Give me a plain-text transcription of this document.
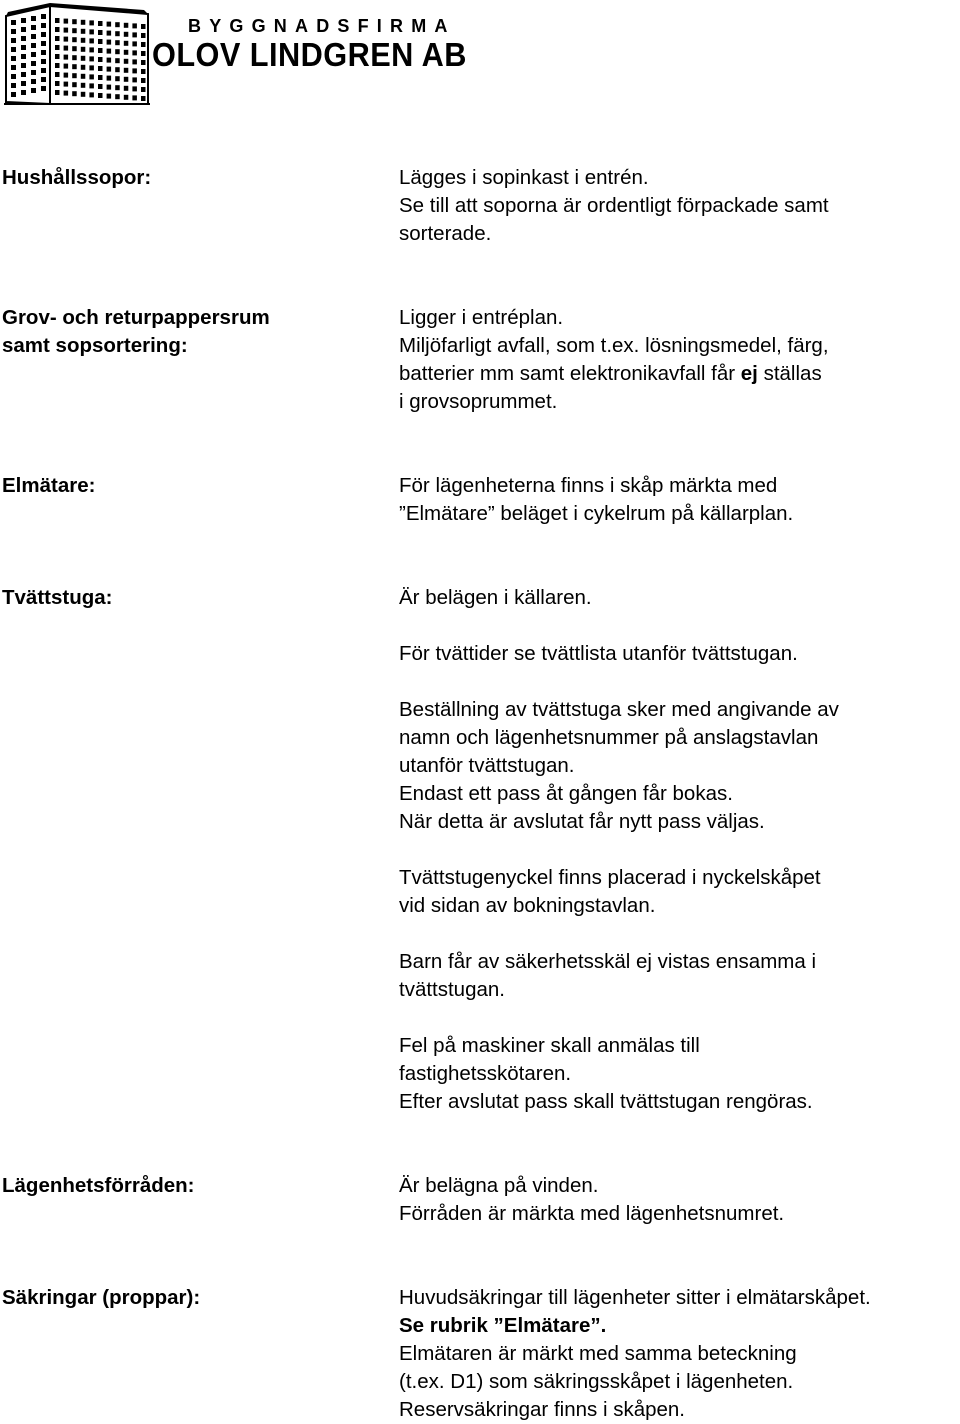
BYGGNADSFIRMA
OLOV LINDGREN AB
Hushållssopor:	Lägges i sopinkast i entrén.
Se till att soporna är ordentligt förpackade samt
sorterade.
Grov- och returpappersrum
samt sopsortering:
Ligger i entréplan.
Miljöfarligt avfall, som t.ex. lösningsmedel, färg,
batterier mm samt elektronikavfall får ej ställas
i grovsoprummet.
Elmätare:	För lägenheterna finns i skåp märkta med
”Elmätare” beläget i cykelrum på källarplan.
Tvättstuga:	Är belägen i källaren.
För tvättider se tvättlista utanför tvättstugan.
Beställning av tvättstuga sker med angivande av
namn och lägenhetsnummer på anslagstavlan
utanför tvättstugan.
Endast ett pass åt gången får bokas.
När detta är avslutat får nytt pass väljas.
Tvättstugenyckel finns placerad i nyckelskåpet
vid sidan av bokningstavlan.
Barn får av säkerhetsskäl ej vistas ensamma i
tvättstugan.
Fel på maskiner skall anmälas till
fastighetsskötaren.
Efter avslutat pass skall tvättstugan rengöras.
Lägenhetsförråden:	Är belägna på vinden.
Förråden är märkta med lägenhetsnumret.
Säkringar (proppar):	Huvudsäkringar till lägenheter sitter i elmätarskåpet.
Se rubrik ”Elmätare”.
Elmätaren är märkt med samma beteckning
(t.ex. D1) som säkringsskåpet i lägenheten.
Reservsäkringar finns i skåpen.
